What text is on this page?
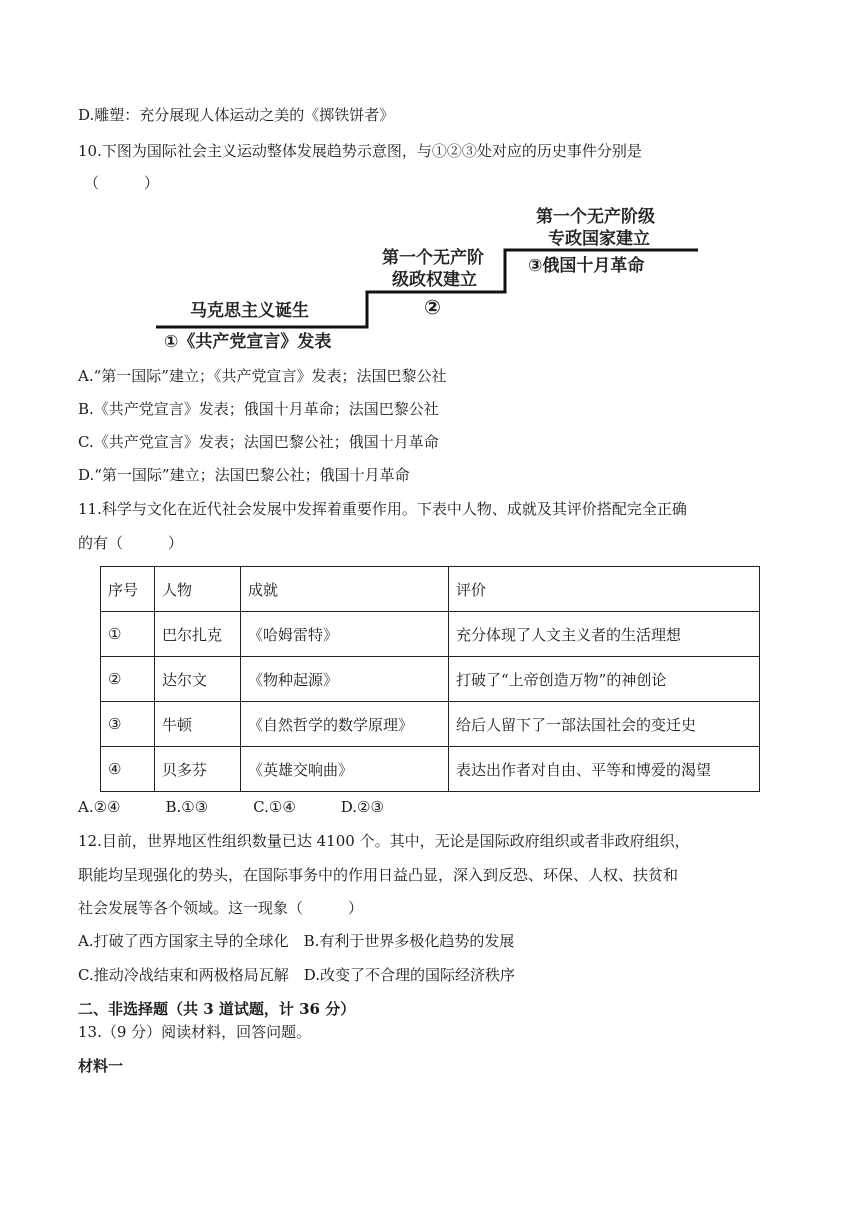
D.雕塑：充分展现人体运动之美的《掷铁饼者》
10.下图为国际社会主义运动整体发展趋势示意图，与①②③处对应的历史事件分别是
（　　　）
马克思主义诞生
①《共产党宣言》发表
第一个无产阶
级政权建立
②
第一个无产阶级
专政国家建立
③俄国十月革命
A.“第一国际”建立；《共产党宣言》发表；法国巴黎公社
B.《共产党宣言》发表；俄国十月革命；法国巴黎公社
C.《共产党宣言》发表；法国巴黎公社；俄国十月革命
D.“第一国际”建立；法国巴黎公社；俄国十月革命
11.科学与文化在近代社会发展中发挥着重要作用。下表中人物、成就及其评价搭配完全正确
的有（　　　）
序号	人物	成就	评价
①	巴尔扎克	《哈姆雷特》	充分体现了人文主义者的生活理想
②	达尔文	《物种起源》	打破了“上帝创造万物”的神创论
③	牛顿	《自然哲学的数学原理》	给后人留下了一部法国社会的变迁史
④	贝多芬	《英雄交响曲》	表达出作者对自由、平等和博爱的渴望
A.②④　　　B.①③　　　C.①④　　　D.②③
12.目前，世界地区性组织数量已达 4100 个。其中，无论是国际政府组织或者非政府组织，
职能均呈现强化的势头，在国际事务中的作用日益凸显，深入到反恐、环保、人权、扶贫和
社会发展等各个领域。这一现象（　　　）
A.打破了西方国家主导的全球化　B.有利于世界多极化趋势的发展
C.推动冷战结束和两极格局瓦解　D.改变了不合理的国际经济秩序
二、非选择题（共 3 道试题，计 36 分）
13.（9 分）阅读材料，回答问题。
材料一
